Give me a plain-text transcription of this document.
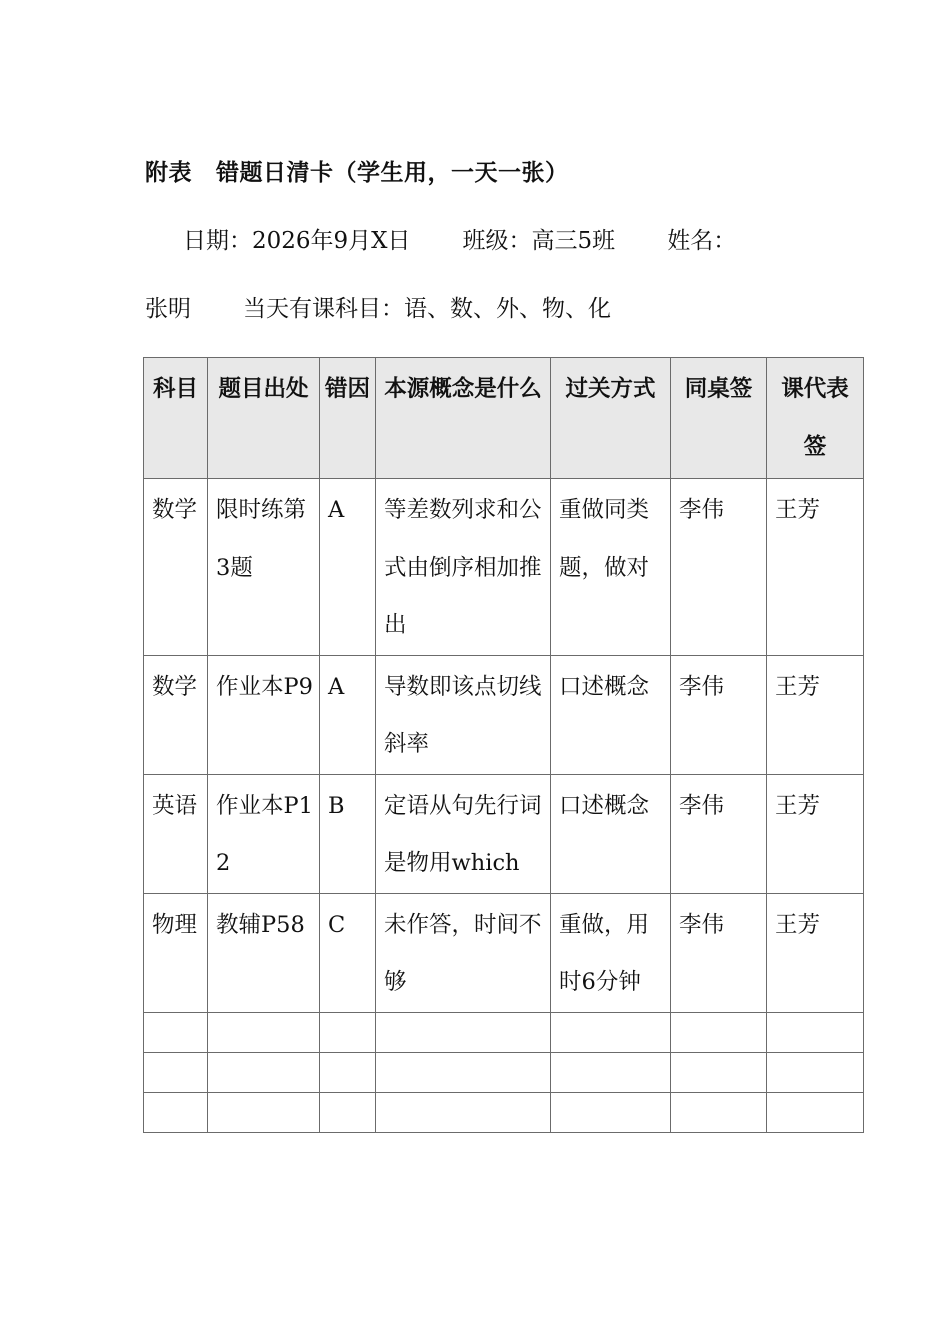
附表 错题日清卡（学生用，一天一张）
日期：2026年9月X日 班级：高三5班 姓名：
张明 当天有课科目：语、数、外、物、化
科目	题目出处	错因	本源概念是什么	过关方式	同桌签	课代表签
数学	限时练第3题	A	等差数列求和公式由倒序相加推出	重做同类题，做对	李伟	王芳
数学	作业本P9	A	导数即该点切线斜率	口述概念	李伟	王芳
英语	作业本P12	B	定语从句先行词是物用which	口述概念	李伟	王芳
物理	教辅P58	C	未作答，时间不够	重做，用时6分钟	李伟	王芳
